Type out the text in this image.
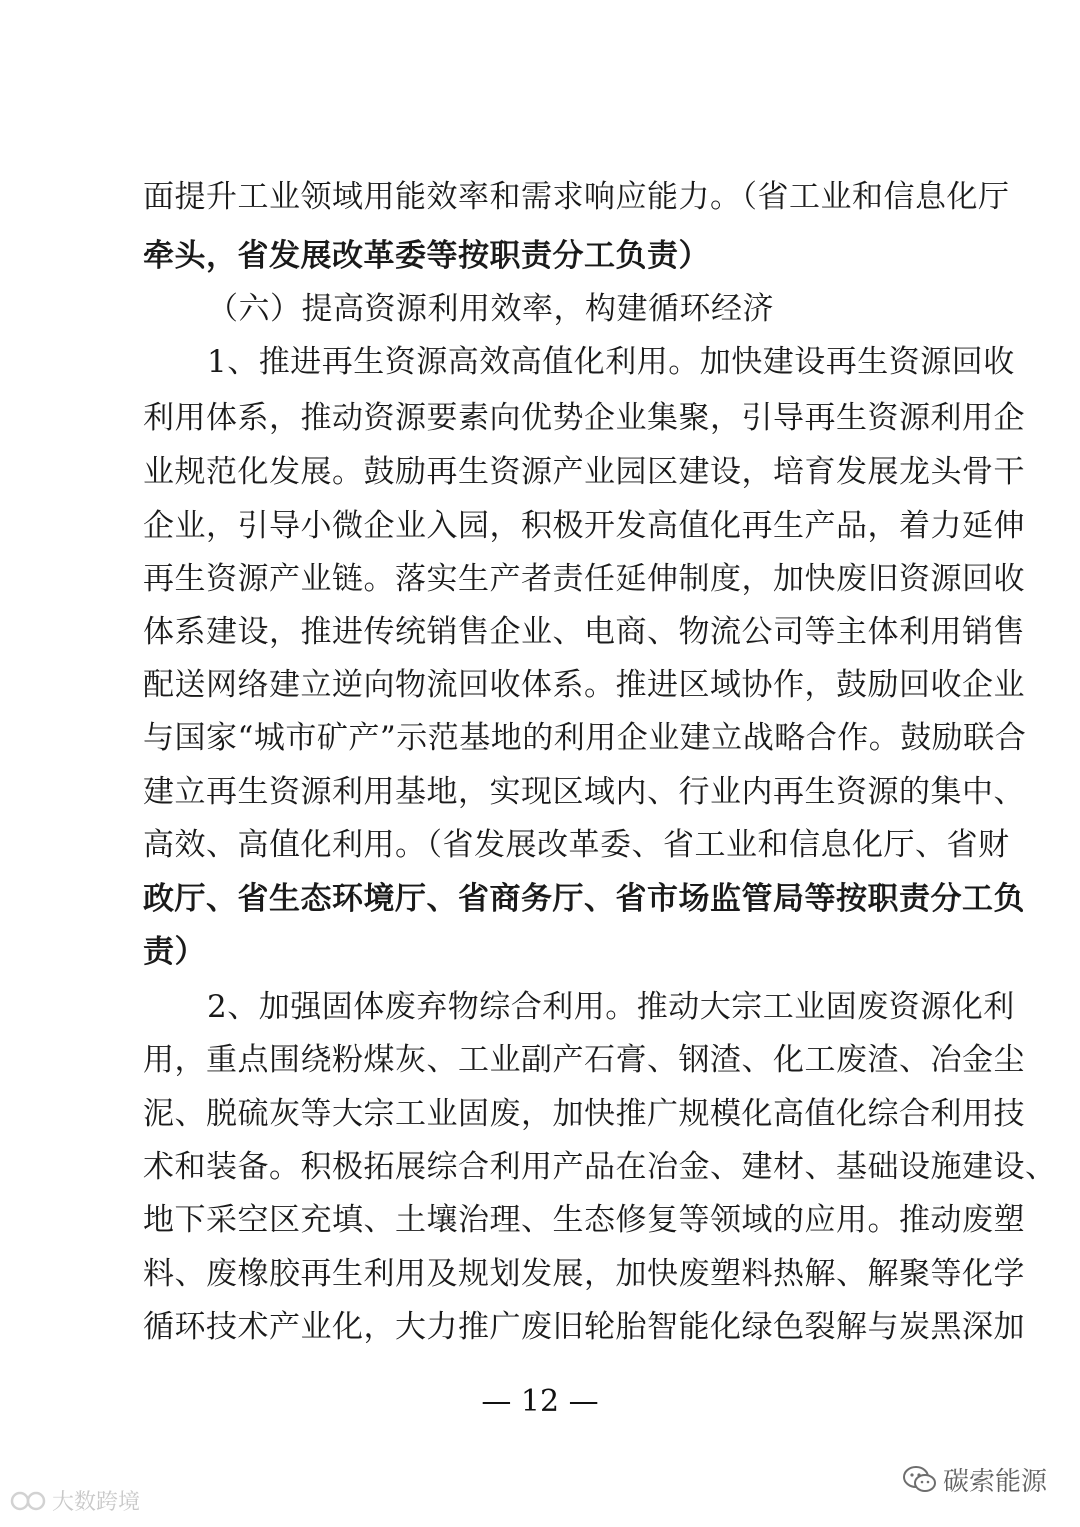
面提升工业领域用能效率和需求响应能力。（省工业和信息化厅
牵头，省发展改革委等按职责分工负责）
（六）提高资源利用效率，构建循环经济
1、推进再生资源高效高值化利用。加快建设再生资源回收
利用体系，推动资源要素向优势企业集聚，引导再生资源利用企
业规范化发展。鼓励再生资源产业园区建设，培育发展龙头骨干
企业，引导小微企业入园，积极开发高值化再生产品，着力延伸
再生资源产业链。落实生产者责任延伸制度，加快废旧资源回收
体系建设，推进传统销售企业、电商、物流公司等主体利用销售
配送网络建立逆向物流回收体系。推进区域协作，鼓励回收企业
与国家“城市矿产”示范基地的利用企业建立战略合作。鼓励联合
建立再生资源利用基地，实现区域内、行业内再生资源的集中、
高效、高值化利用。（省发展改革委、省工业和信息化厅、省财
政厅、省生态环境厅、省商务厅、省市场监管局等按职责分工负
责）
2、加强固体废弃物综合利用。推动大宗工业固废资源化利
用，重点围绕粉煤灰、工业副产石膏、钢渣、化工废渣、冶金尘
泥、脱硫灰等大宗工业固废，加快推广规模化高值化综合利用技
术和装备。积极拓展综合利用产品在冶金、建材、基础设施建设、
地下采空区充填、土壤治理、生态修复等领域的应用。推动废塑
料、废橡胶再生利用及规划发展，加快废塑料热解、解聚等化学
循环技术产业化，大力推广废旧轮胎智能化绿色裂解与炭黑深加
— 12 —
碳索能源
大数跨境
